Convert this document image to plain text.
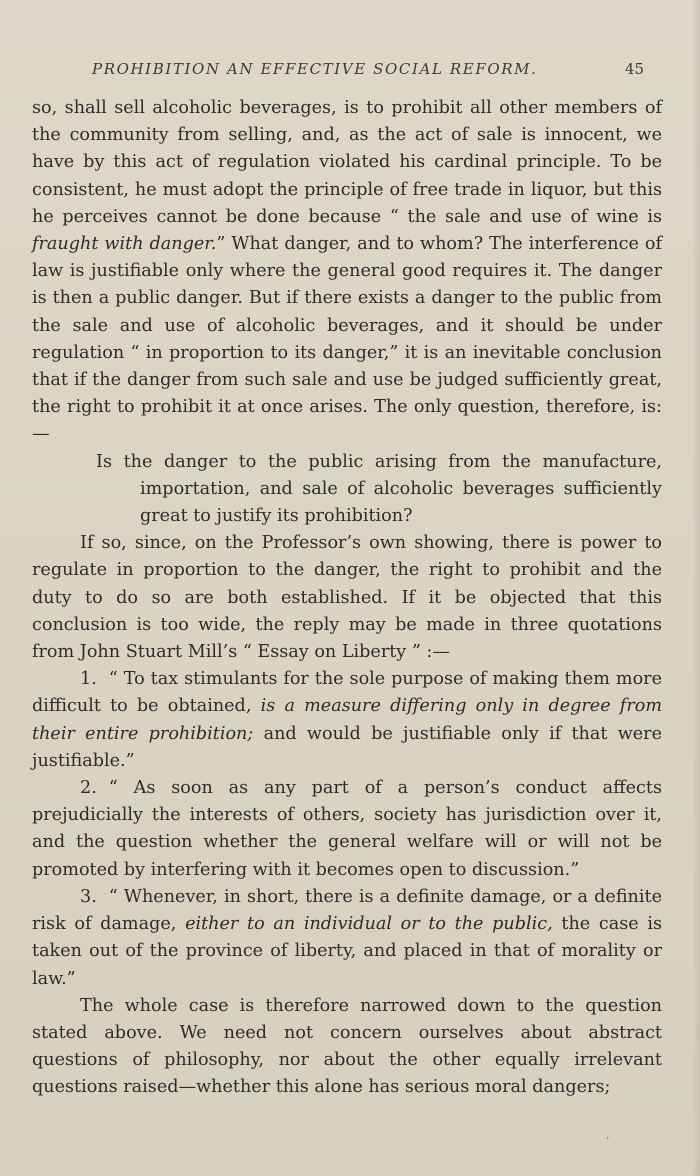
PROHIBITION AN EFFECTIVE SOCIAL REFORM.	45

so, shall sell alcoholic beverages, is to prohibit all other members of the community from selling, and, as the act of sale is innocent, we have by this act of regulation violated his cardinal principle. To be consistent, he must adopt the principle of free trade in liquor, but this he perceives cannot be done because “ the sale and use of wine is fraught with danger.” What danger, and to whom? The interference of law is justifiable only where the general good requires it. The danger is then a public danger. But if there exists a danger to the public from the sale and use of alcoholic beverages, and it should be under regulation “ in proportion to its danger,” it is an inevitable conclusion that if the danger from such sale and use be judged sufficiently great, the right to prohibit it at once arises. The only question, therefore, is:—

Is the danger to the public arising from the manufacture, importation, and sale of alcoholic beverages sufficiently great to justify its prohibition?

If so, since, on the Professor’s own showing, there is power to regulate in proportion to the danger, the right to prohibit and the duty to do so are both established. If it be objected that this conclusion is too wide, the reply may be made in three quotations from John Stuart Mill’s “ Essay on Liberty ” :—

1. “ To tax stimulants for the sole purpose of making them more difficult to be obtained, is a measure differing only in degree from their entire prohibition; and would be justifiable only if that were justifiable.”

2. “ As soon as any part of a person’s conduct affects prejudicially the interests of others, society has jurisdiction over it, and the question whether the general welfare will or will not be promoted by interfering with it becomes open to discussion.”

3. “ Whenever, in short, there is a definite damage, or a definite risk of damage, either to an individual or to the public, the case is taken out of the province of liberty, and placed in that of morality or law.”

The whole case is therefore narrowed down to the question stated above. We need not concern ourselves about abstract questions of philosophy, nor about the other equally irrelevant questions raised—whether this alone has serious moral dangers;

’
